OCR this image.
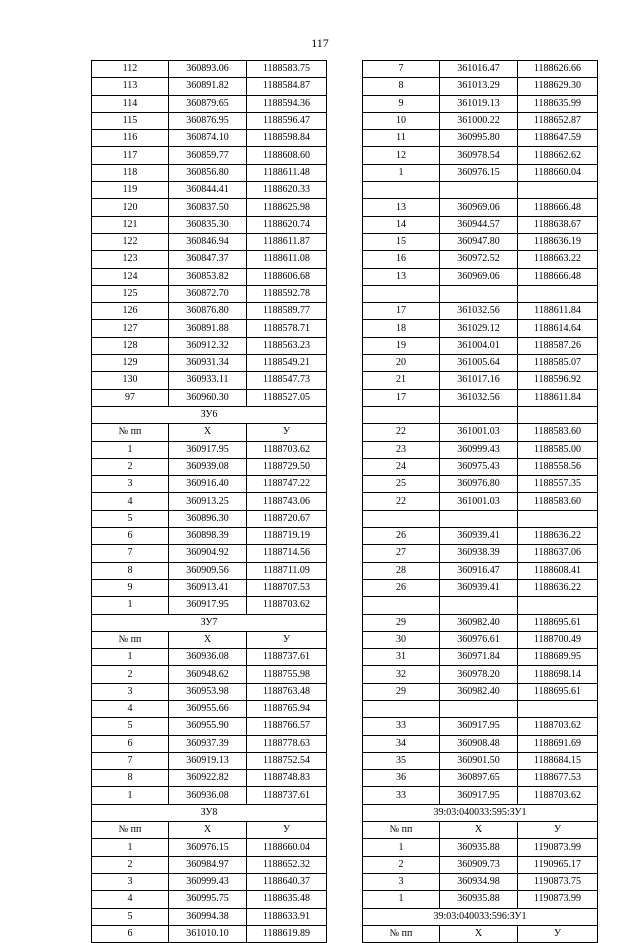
117
112	360893.06	1188583.75
113	360891.82	1188584.87
114	360879.65	1188594.36
115	360876.95	1188596.47
116	360874.10	1188598.84
117	360859.77	1188608.60
118	360856.80	1188611.48
119	360844.41	1188620.33
120	360837.50	1188625.98
121	360835.30	1188620.74
122	360846.94	1188611.87
123	360847.37	1188611.08
124	360853.82	1188606.68
125	360872.70	1188592.78
126	360876.80	1188589.77
127	360891.88	1188578.71
128	360912.32	1188563.23
129	360931.34	1188549.21
130	360933.11	1188547.73
97	360960.30	1188527.05
ЗУ6		
№ пп	Х	У
1	360917.95	1188703.62
2	360939.08	1188729.50
3	360916.40	1188747.22
4	360913.25	1188743.06
5	360896.30	1188720.67
6	360898.39	1188719.19
7	360904.92	1188714.56
8	360909.56	1188711.09
9	360913.41	1188707.53
1	360917.95	1188703.62
ЗУ7		
№ пп	Х	У
1	360936.08	1188737.61
2	360948.62	1188755.98
3	360953.98	1188763.48
4	360955.66	1188765.94
5	360955.90	1188766.57
6	360937.39	1188778.63
7	360919.13	1188752.54
8	360922.82	1188748.83
1	360936.08	1188737.61
ЗУ8		
№ пп	Х	У
1	360976.15	1188660.04
2	360984.97	1188652.32
3	360999.43	1188640.37
4	360995.75	1188635.48
5	360994.38	1188633.91
6	361010.10	1188619.89
7	361016.47	1188626.66
8	361013.29	1188629.30
9	361019.13	1188635.99
10	361000.22	1188652.87
11	360995.80	1188647.59
12	360978.54	1188662.62
1	360976.15	1188660.04

13	360969.06	1188666.48
14	360944.57	1188638.67
15	360947.80	1188636.19
16	360972.52	1188663.22
13	360969.06	1188666.48

17	361032.56	1188611.84
18	361029.12	1188614.64
19	361004.01	1188587.26
20	361005.64	1188585.07
21	361017.16	1188596.92
17	361032.56	1188611.84

22	361001.03	1188583.60
23	360999.43	1188585.00
24	360975.43	1188558.56
25	360976.80	1188557.35
22	361001.03	1188583.60

26	360939.41	1188636.22
27	360938.39	1188637.06
28	360916.47	1188608.41
26	360939.41	1188636.22

29	360982.40	1188695.61
30	360976.61	1188700.49
31	360971.84	1188689.95
32	360978.20	1188698.14
29	360982.40	1188695.61

33	360917.95	1188703.62
34	360908.48	1188691.69
35	360901.50	1188684.15
36	360897.65	1188677.53
33	360917.95	1188703.62
39:03:040033:595:ЗУ1		
№ пп	Х	У
1	360935.88	1190873.99
2	360909.73	1190965.17
3	360934.98	1190873.75
1	360935.88	1190873.99
39:03:040033:596:ЗУ1		
№ пп	Х	У
